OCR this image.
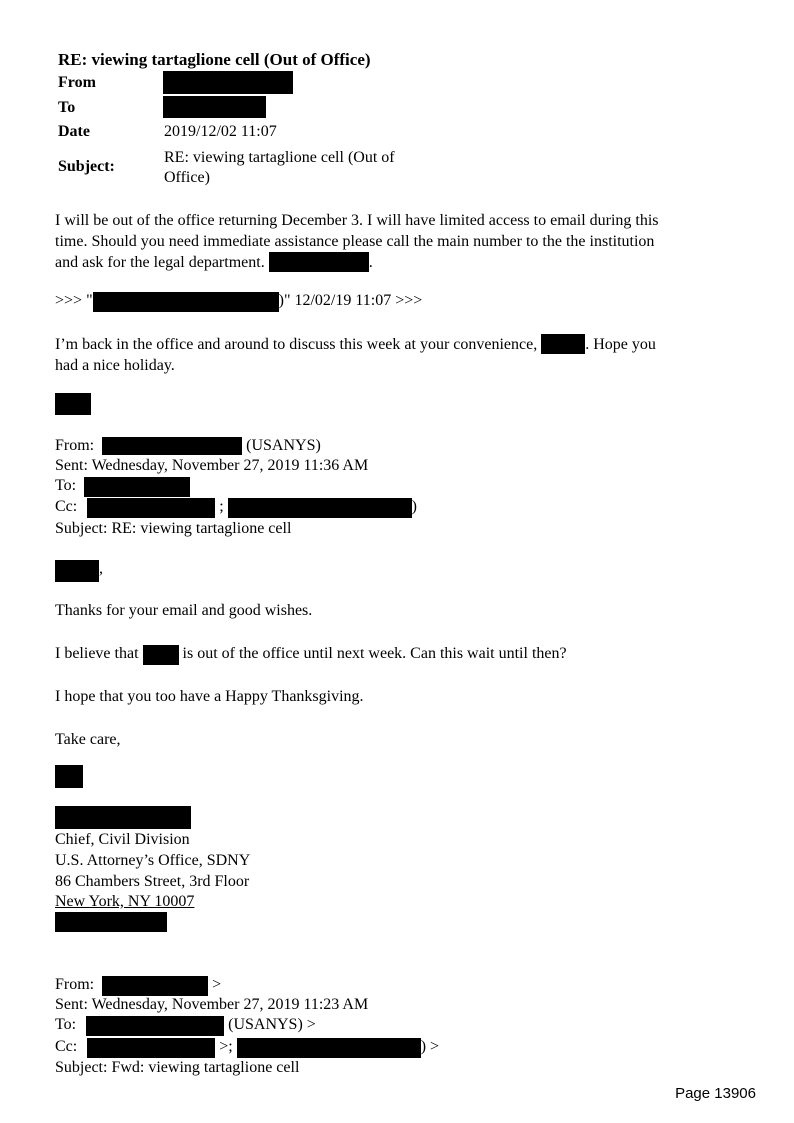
RE: viewing tartaglione cell (Out of Office)
From
To
Date	2019/12/02 11:07
Subject:
RE: viewing tartaglione cell (Out of
Office)

I will be out of the office returning December 3. I will have limited access to email during this
time. Should you need immediate assistance please call the main number to the the institution
and ask for the legal department.	.

>>> "	)" 12/02/19 11:07 >>>

I’m back in the office and around to discuss this week at your convenience,	. Hope you
had a nice holiday.

From:	(USANYS)
Sent: Wednesday, November 27, 2019 11:36 AM
To:
Cc:	;	)
Subject: RE: viewing tartaglione cell
,
Thanks for your email and good wishes.
I believe that	is out of the office until next week. Can this wait until then?
I hope that you too have a Happy Thanksgiving.
Take care,
Chief, Civil Division
U.S. Attorney’s Office, SDNY
86 Chambers Street, 3rd Floor
New York, NY 10007
From:	>
Sent: Wednesday, November 27, 2019 11:23 AM
To:	(USANYS) >
Cc:	>;	) >
Subject: Fwd: viewing tartaglione cell
Page 13906
